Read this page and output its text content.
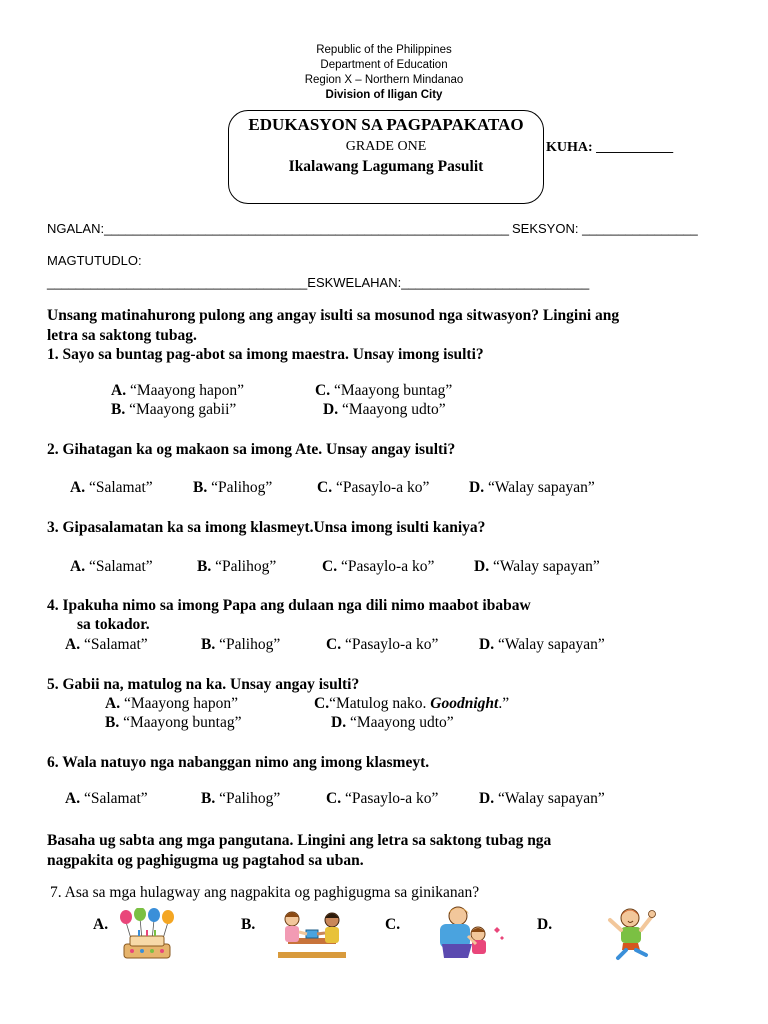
Republic of the Philippines
Department of Education
Region X – Northern Mindanao
Division of Iligan City
EDUKASYON SA PAGPAPAKATAO
GRADE ONE
Ikalawang Lagumang Pasulit
KUHA: ___________
NGALAN:________________________________________________________ SEKSYON: ________________
MAGTUTUDLO:
____________________________________ESKWELAHAN:__________________________
Unsang matinahurong pulong ang angay isulti sa mosunod nga sitwasyon? Lingini ang
letra sa saktong tubag.
1. Sayo sa buntag pag-abot sa imong maestra. Unsay imong isulti?
A. “Maayong hapon”	C. “Maayong buntag”
B. “Maayong gabii”	D. “Maayong udto”
2. Gihatagan ka og makaon sa imong Ate. Unsay angay isulti?
A. “Salamat”	B. “Palihog”	C. “Pasaylo-a ko”	D. “Walay sapayan”
3. Gipasalamatan ka sa imong klasmeyt.Unsa imong isulti kaniya?
A. “Salamat”	B. “Palihog”	C. “Pasaylo-a ko”	D. “Walay sapayan”
4. Ipakuha nimo sa imong Papa ang dulaan nga dili nimo maabot ibabaw
sa tokador.
A. “Salamat”	B. “Palihog”	C. “Pasaylo-a ko”	D. “Walay sapayan”
5. Gabii na, matulog na ka. Unsay angay isulti?
A. “Maayong hapon”	C.“Matulog nako. Goodnight.”
B. “Maayong buntag”	D. “Maayong udto”
6. Wala natuyo nga nabanggan nimo ang imong klasmeyt.
A. “Salamat”	B. “Palihog”	C. “Pasaylo-a ko”	D. “Walay sapayan”
Basaha ug sabta ang mga pangutana. Lingini ang letra sa saktong tubag nga
nagpakita og paghigugma ug pagtahod sa uban.
7. Asa sa mga hulagway ang nagpakita og paghigugma sa ginikanan?
A.	B.	C.	D.
